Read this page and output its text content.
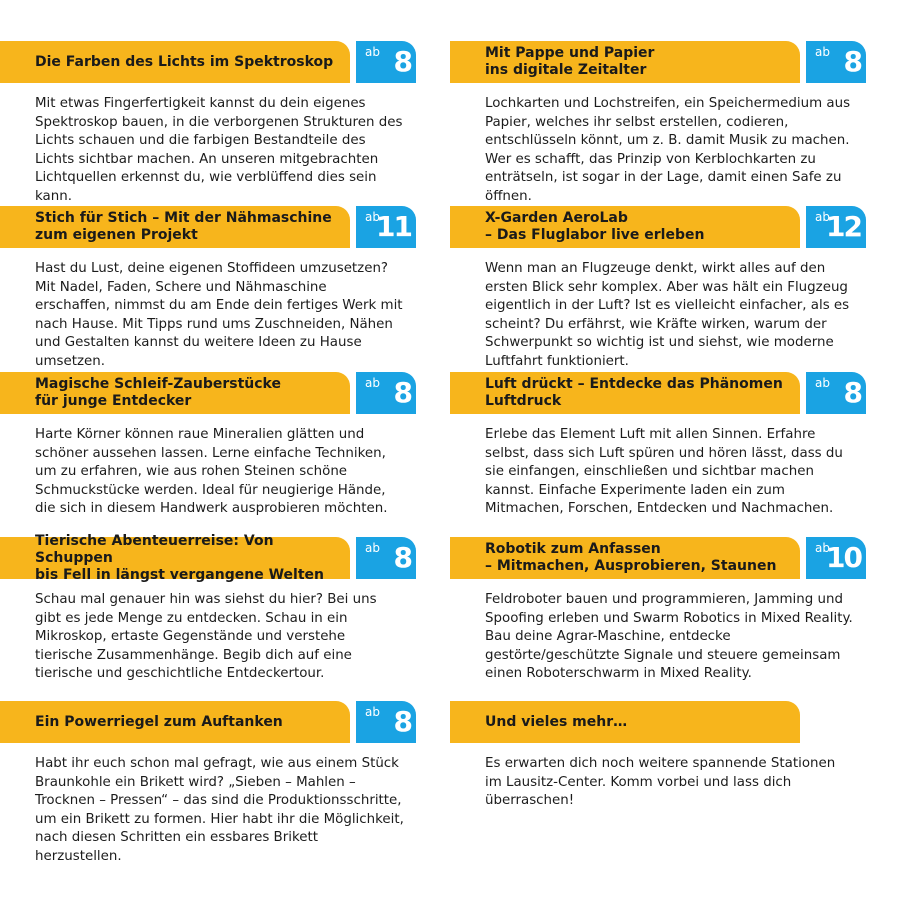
Die Farben des Lichts im Spektroskop
ab 8
Mit etwas Fingerfertigkeit kannst du dein eigenes Spektroskop bauen, in die verborgenen Strukturen des Lichts schauen und die farbigen Bestandteile des Lichts sichtbar machen. An unseren mitgebrachten Lichtquellen erkennst du, wie verblüffend dies sein kann.
Mit Pappe und Papier
ins digitale Zeitalter
ab 8
Lochkarten und Lochstreifen, ein Speichermedium aus Papier, welches ihr selbst erstellen, codieren, entschlüsseln könnt, um z. B. damit Musik zu machen. Wer es schafft, das Prinzip von Kerblochkarten zu enträtseln, ist sogar in der Lage, damit einen Safe zu öffnen.
Stich für Stich – Mit der Nähmaschine
zum eigenen Projekt
ab
11
Hast du Lust, deine eigenen Stoffideen umzusetzen? Mit Nadel, Faden, Schere und Nähmaschine erschaffen, nimmst du am Ende dein fertiges Werk mit nach Hause. Mit Tipps rund ums Zuschneiden, Nähen und Gestalten kannst du weitere Ideen zu Hause umsetzen.
X-Garden AeroLab
– Das Fluglabor live erleben
ab
12
Wenn man an Flugzeuge denkt, wirkt alles auf den ersten Blick sehr komplex. Aber was hält ein Flugzeug eigentlich in der Luft? Ist es vielleicht einfacher, als es scheint? Du erfährst, wie Kräfte wirken, warum der Schwerpunkt so wichtig ist und siehst, wie moderne Luftfahrt funktioniert.
Magische Schleif-Zauberstücke
für junge Entdecker
ab 8
Harte Körner können raue Mineralien glätten und schöner aussehen lassen. Lerne einfache Techniken, um zu erfahren, wie aus rohen Steinen schöne Schmuckstücke werden. Ideal für neugierige Hände, die sich in diesem Handwerk ausprobieren möchten.
Luft drückt – Entdecke das Phänomen
Luftdruck
ab 8
Erlebe das Element Luft mit allen Sinnen. Erfahre selbst, dass sich Luft spüren und hören lässt, dass du sie einfangen, einschließen und sichtbar machen kannst. Einfache Experimente laden ein zum Mitmachen, Forschen, Entdecken und Nachmachen.
Tierische Abenteuerreise: Von Schuppen
bis Fell in längst vergangene Welten
ab 8
Schau mal genauer hin was siehst du hier? Bei uns gibt es jede Menge zu entdecken. Schau in ein Mikroskop, ertaste Gegenstände und verstehe tierische Zusammenhänge. Begib dich auf eine tierische und geschichtliche Entdeckertour.
Robotik zum Anfassen
– Mitmachen, Ausprobieren, Staunen
ab
10
Feldroboter bauen und programmieren, Jamming und Spoofing erleben und Swarm Robotics in Mixed Reality. Bau deine Agrar-Maschine, entdecke gestörte/geschützte Signale und steuere gemeinsam einen Roboterschwarm in Mixed Reality.
Ein Powerriegel zum Auftanken
ab 8
Habt ihr euch schon mal gefragt, wie aus einem Stück Braunkohle ein Brikett wird? „Sieben – Mahlen – Trocknen – Pressen“ – das sind die Produktionsschritte, um ein Brikett zu formen. Hier habt ihr die Möglichkeit, nach diesen Schritten ein essbares Brikett herzustellen.
Und vieles mehr…
Es erwarten dich noch weitere spannende Stationen im Lausitz-Center. Komm vorbei und lass dich überraschen!
